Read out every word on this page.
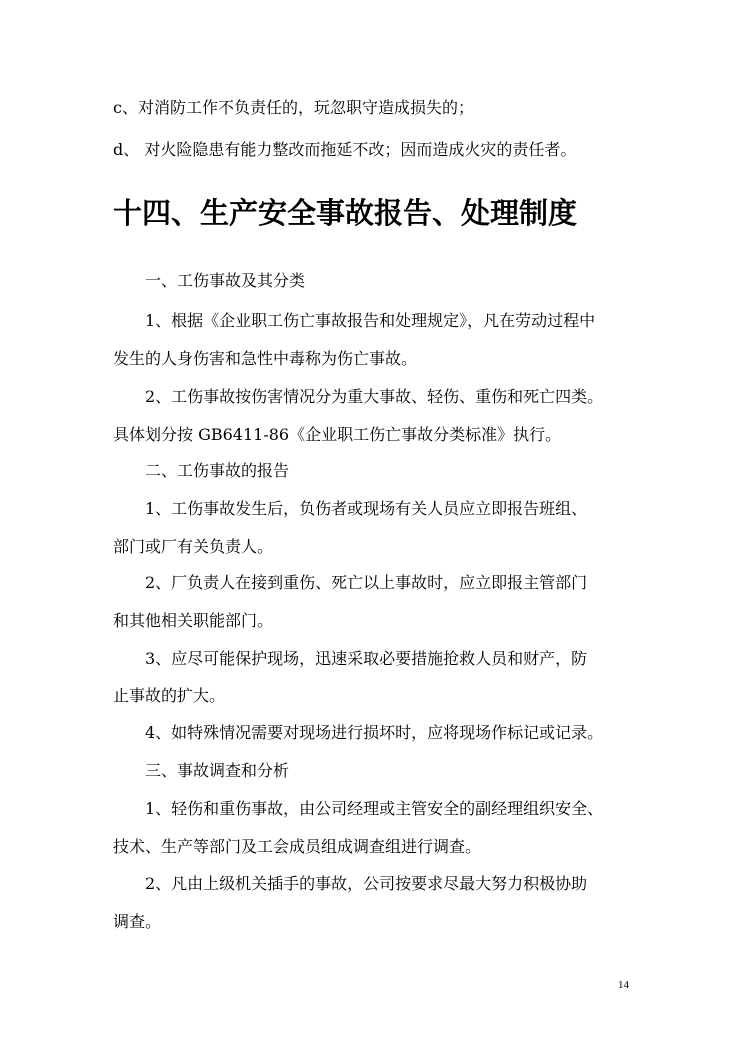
c、对消防工作不负责任的，玩忽职守造成损失的；
d、 对火险隐患有能力整改而拖延不改；因而造成火灾的责任者。
十四、生产安全事故报告、处理制度
一、工伤事故及其分类
1、根据《企业职工伤亡事故报告和处理规定》，凡在劳动过程中
发生的人身伤害和急性中毒称为伤亡事故。
2、工伤事故按伤害情况分为重大事故、轻伤、重伤和死亡四类。
具体划分按 GB6411-86《企业职工伤亡事故分类标准》执行。
二、工伤事故的报告
1、工伤事故发生后，负伤者或现场有关人员应立即报告班组、
部门或厂有关负责人。
2、厂负责人在接到重伤、死亡以上事故时，应立即报主管部门
和其他相关职能部门。
3、应尽可能保护现场，迅速采取必要措施抢救人员和财产，防
止事故的扩大。
4、如特殊情况需要对现场进行损坏时，应将现场作标记或记录。
三、事故调查和分析
1、轻伤和重伤事故，由公司经理或主管安全的副经理组织安全、
技术、生产等部门及工会成员组成调查组进行调查。
2、凡由上级机关插手的事故，公司按要求尽最大努力积极协助
调查。
14
